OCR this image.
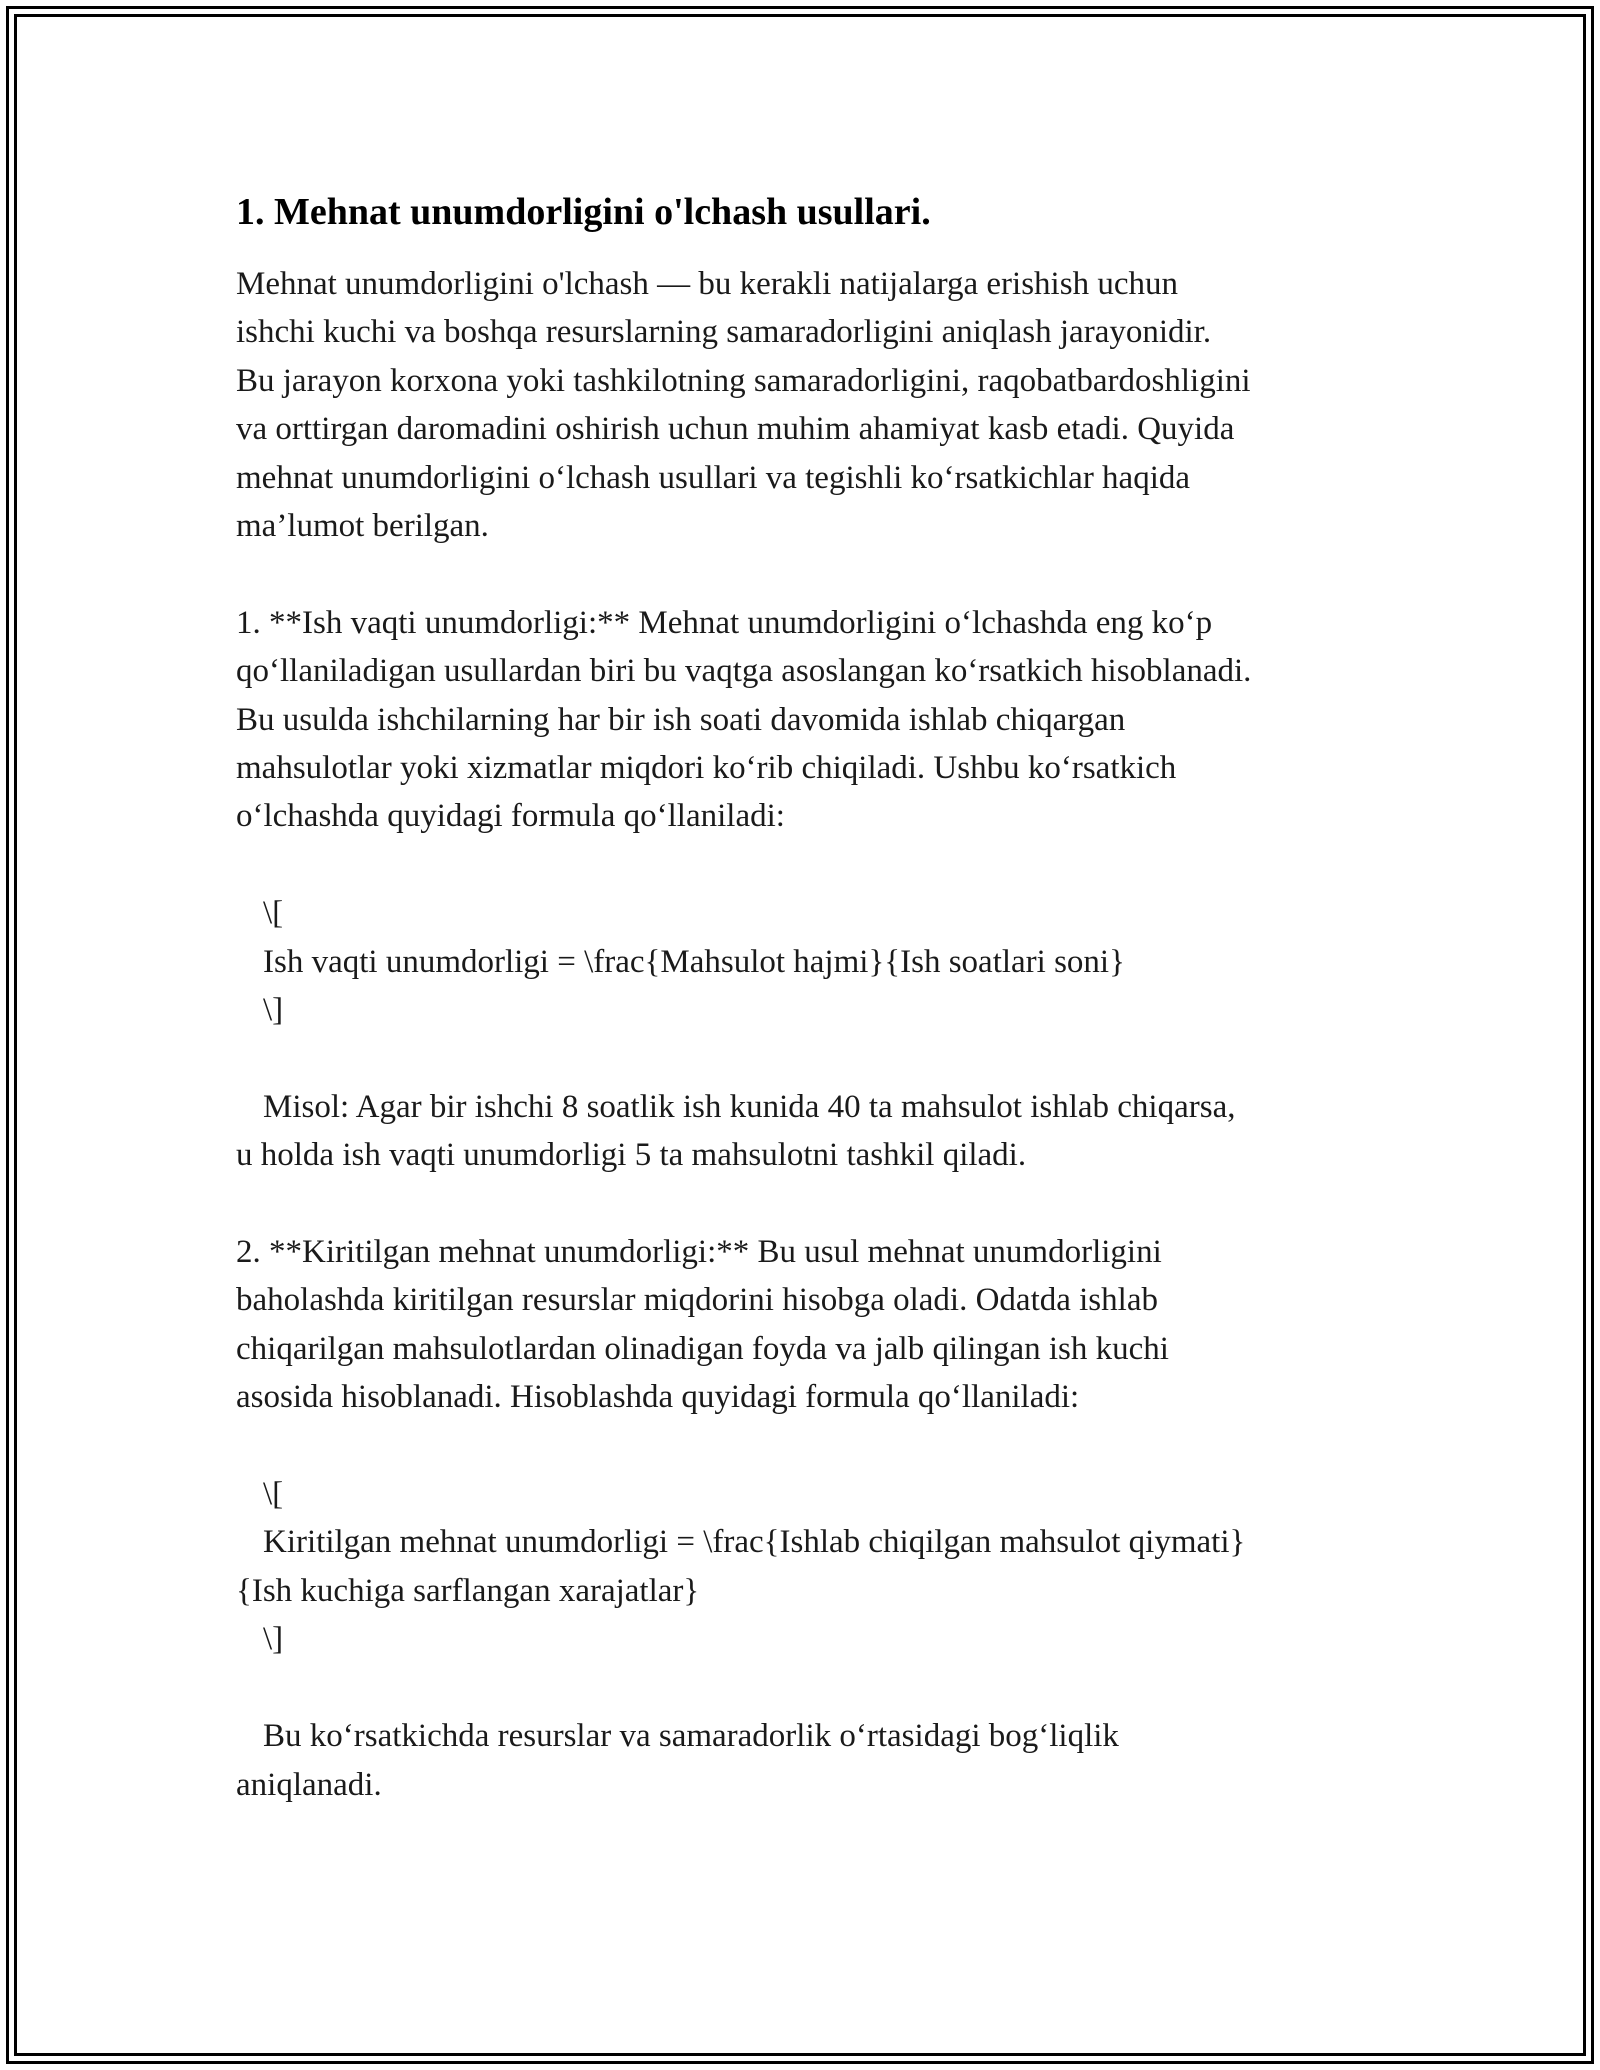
1. Mehnat unumdorligini o'lchash usullari.

Mehnat unumdorligini o'lchash — bu kerakli natijalarga erishish uchun
ishchi kuchi va boshqa resurslarning samaradorligini aniqlash jarayonidir.
Bu jarayon korxona yoki tashkilotning samaradorligini, raqobatbardoshligini
va orttirgan daromadini oshirish uchun muhim ahamiyat kasb etadi. Quyida
mehnat unumdorligini o‘lchash usullari va tegishli ko‘rsatkichlar haqida
ma’lumot berilgan.

1. **Ish vaqti unumdorligi:** Mehnat unumdorligini o‘lchashda eng ko‘p
qo‘llaniladigan usullardan biri bu vaqtga asoslangan ko‘rsatkich hisoblanadi.
Bu usulda ishchilarning har bir ish soati davomida ishlab chiqargan
mahsulotlar yoki xizmatlar miqdori ko‘rib chiqiladi. Ushbu ko‘rsatkich
o‘lchashda quyidagi formula qo‘llaniladi:

\[

Ish vaqti unumdorligi = \frac{Mahsulot hajmi}{Ish soatlari soni}

\]

Misol: Agar bir ishchi 8 soatlik ish kunida 40 ta mahsulot ishlab chiqarsa,

u holda ish vaqti unumdorligi 5 ta mahsulotni tashkil qiladi.

2. **Kiritilgan mehnat unumdorligi:** Bu usul mehnat unumdorligini
baholashda kiritilgan resurslar miqdorini hisobga oladi. Odatda ishlab
chiqarilgan mahsulotlardan olinadigan foyda va jalb qilingan ish kuchi
asosida hisoblanadi. Hisoblashda quyidagi formula qo‘llaniladi:

\[

Kiritilgan mehnat unumdorligi = \frac{Ishlab chiqilgan mahsulot qiymati}

{Ish kuchiga sarflangan xarajatlar}

\]

Bu ko‘rsatkichda resurslar va samaradorlik o‘rtasidagi bog‘liqlik

aniqlanadi.
